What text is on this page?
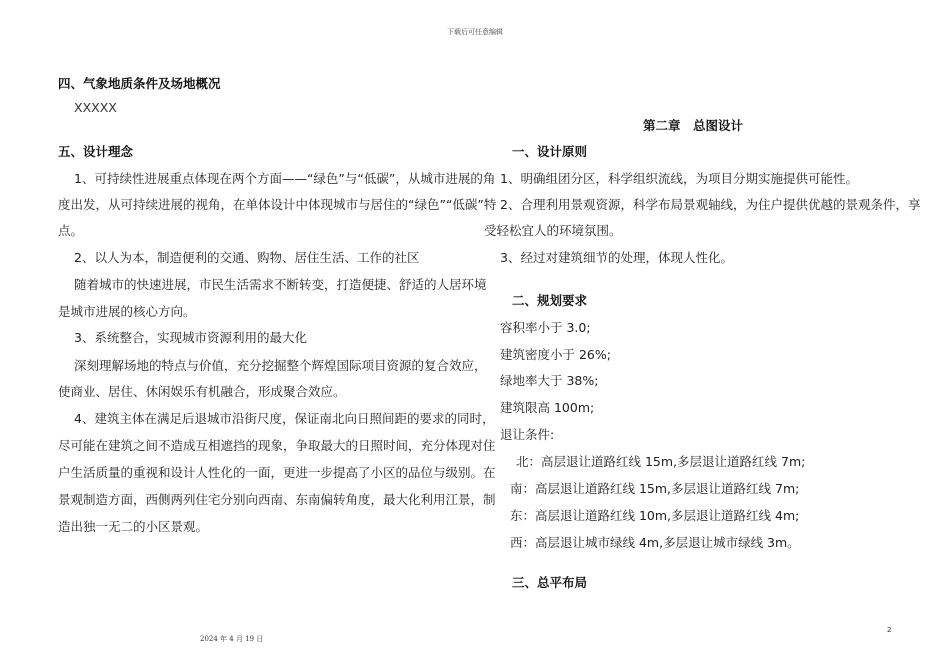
下载后可任意编辑
四、气象地质条件及场地概况
XXXXX
五、设计理念
1、可持续性进展重点体现在两个方面——“绿色”与“低碳”，从城市进展的角
度出发，从可持续进展的视角，在单体设计中体现城市与居住的“绿色”“低碳”特
点。
2、以人为本，制造便利的交通、购物、居住生活、工作的社区
随着城市的快速进展，市民生活需求不断转变，打造便捷、舒适的人居环境
是城市进展的核心方向。
3、系统整合，实现城市资源利用的最大化
深刻理解场地的特点与价值，充分挖掘整个辉煌国际项目资源的复合效应，
使商业、居住、休闲娱乐有机融合，形成聚合效应。
4、建筑主体在满足后退城市沿街尺度，保证南北向日照间距的要求的同时，
尽可能在建筑之间不造成互相遮挡的现象，争取最大的日照时间，充分体现对住
户生活质量的重视和设计人性化的一面，更进一步提高了小区的品位与级别。在
景观制造方面，西侧两列住宅分别向西南、东南偏转角度，最大化利用江景，制
造出独一无二的小区景观。
第二章　总图设计
一、设计原则
1、明确组团分区，科学组织流线，为项目分期实施提供可能性。
2、合理利用景观资源，科学布局景观轴线，为住户提供优越的景观条件，享
受轻松宜人的环境氛围。
3、经过对建筑细节的处理，体现人性化。
二、规划要求
容积率小于 3.0;
建筑密度小于 26%;
绿地率大于 38%;
建筑限高 100m;
退让条件:
北：高层退让道路红线 15m,多层退让道路红线 7m;
南：高层退让道路红线 15m,多层退让道路红线 7m;
东：高层退让道路红线 10m,多层退让道路红线 4m;
西：高层退让城市绿线 4m,多层退让城市绿线 3m。
三、总平布局
2024 年 4 月 19 日
2
